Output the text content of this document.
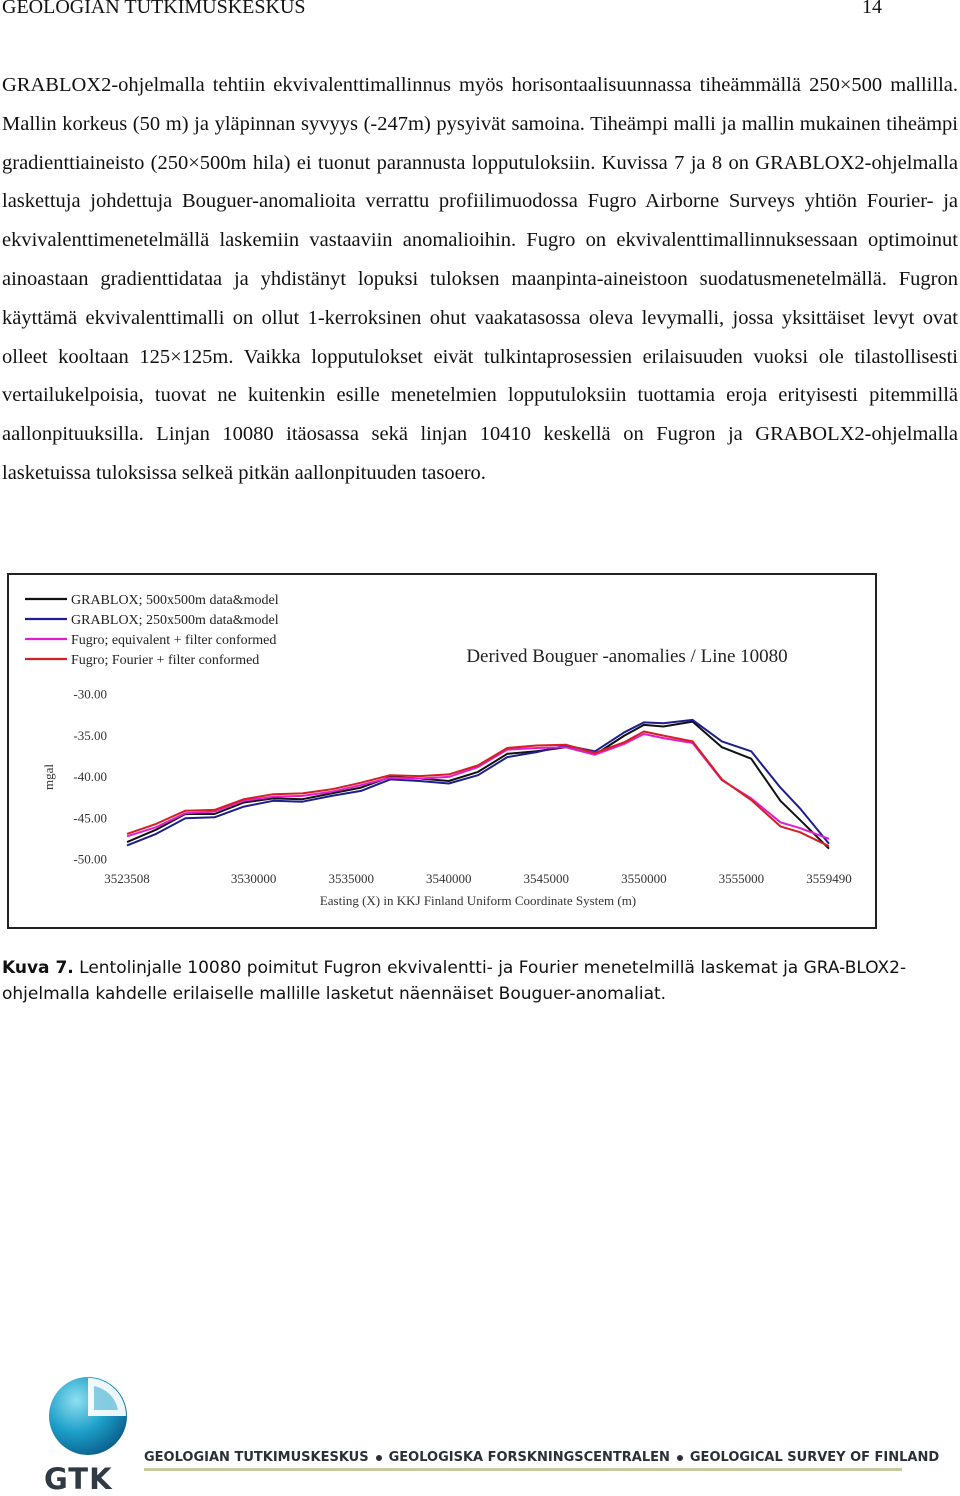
GEOLOGIAN TUTKIMUSKESKUS	14

GRABLOX2-ohjelmalla tehtiin ekvivalenttimallinnus myös horisontaalisuunnassa tiheämmällä 250×500 mallilla. Mallin korkeus (50 m) ja yläpinnan syvyys (-247m) pysyivät samoina. Tiheämpi malli ja mallin mukainen tiheämpi gradienttiaineisto (250×500m hila) ei tuonut parannusta lopputuloksiin. Kuvissa 7 ja 8 on GRABLOX2-ohjelmalla laskettuja johdettuja Bouguer-anomalioita verrattu profiilimuodossa Fugro Airborne Surveys yhtiön Fourier- ja ekvivalenttimenetelmällä laskemiin vastaaviin anomalioihin. Fugro on ekvivalenttimallinnuksessaan optimoinut ainoastaan gradienttidataa ja yhdistänyt lopuksi tuloksen maanpinta-aineistoon suodatusmenetelmällä. Fugron käyttämä ekvivalenttimalli on ollut 1-kerroksinen ohut vaakatasossa oleva levymalli, jossa yksittäiset levyt ovat olleet kooltaan 125×125m. Vaikka lopputulokset eivät tulkintaprosessien erilaisuuden vuoksi ole tilastollisesti vertailukelpoisia, tuovat ne kuitenkin esille menetelmien lopputuloksiin tuottamia eroja erityisesti pitemmillä aallonpituuksilla. Linjan 10080 itäosassa sekä linjan 10410 keskellä on Fugron ja GRABOLX2-ohjelmalla lasketuissa tuloksissa selkeä pitkän aallonpituuden tasoero.

GRABLOX; 500x500m data&model
GRABLOX; 250x500m data&model
Fugro; equivalent + filter conformed
Fugro; Fourier + filter conformed	Derived Bouguer -anomalies / Line 10080
-30.00
-35.00
-40.00
-45.00
-50.00
3523508	3530000	3535000	3540000	3545000	3550000	3555000	3559490
mgal
Easting (X) in KKJ Finland Uniform Coordinate System (m)

Kuva 7. Lentolinjalle 10080 poimitut Fugron ekvivalentti- ja Fourier menetelmillä laskemat ja GRA-BLOX2-ohjelmalla kahdelle erilaiselle mallille lasketut näennäiset Bouguer-anomaliat.

GTK
GEOLOGIAN TUTKIMUSKESKUS GEOLOGISKA FORSKNINGSCENTRALEN GEOLOGICAL SURVEY OF FINLAND
